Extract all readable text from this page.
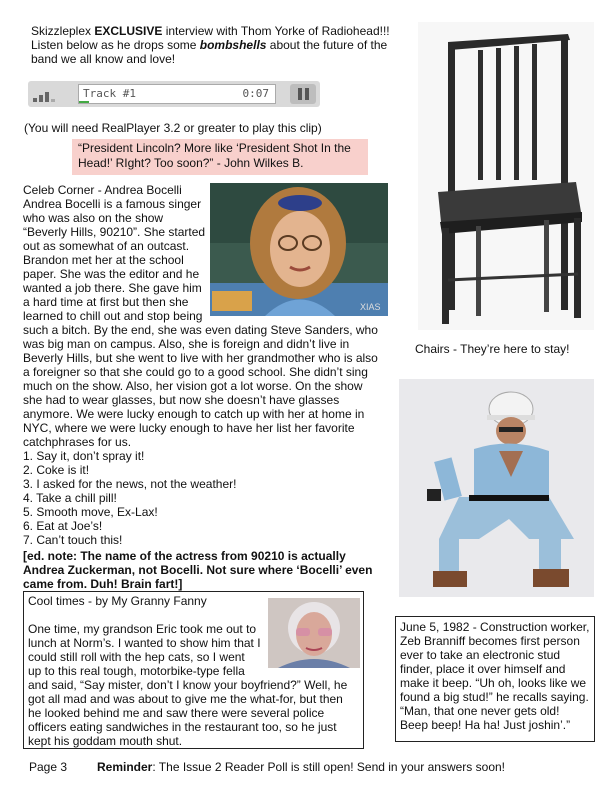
Skizzleplex EXCLUSIVE interview with Thom Yorke of Radiohead!!!
Listen below as he drops some bombshells about the future of the
band we all know and love!
Track #1	0:07
(You will need RealPlayer 3.2 or greater to play this clip)
“President Lincoln? More like ‘President Shot In the Head!’ RIght? Too soon?” - John Wilkes B.
Celeb Corner - Andrea Bocelli
Andrea Bocelli is a famous singer who was also on the show “Beverly Hills, 90210”. She started out as somewhat of an outcast. Brandon met her at the school paper. She was the editor and he wanted a job there. She gave him a hard time at first but then she learned to chill out and stop being such a bitch. By the end, she was even dating Steve Sanders, who was big man on campus. Also, she is foreign and didn’t live in Beverly Hills, but she went to live with her grandmother who is also a foreigner so that she could go to a good school. She didn’t sing much on the show. Also, her vision got a lot worse. On the show she had to wear glasses, but now she doesn’t have glasses anymore. We were lucky enough to catch up with her at home in NYC, where we were lucky enough to have her list her favorite catchphrases for us.
1. Say it, don’t spray it!
2. Coke is it!
3. I asked for the news, not the weather!
4. Take a chill pill!
5. Smooth move, Ex-Lax!
6. Eat at Joe’s!
7. Can’t touch this!
[ed. note: The name of the actress from 90210 is actually Andrea Zuckerman, not Bocelli. Not sure where ‘Bocelli’ even came from. Duh! Brain fart!]
XIAS
Cool times - by My Granny Fanny
One time, my grandson Eric took me out to lunch at Norm’s. I wanted to show him that I could still roll with the hep cats, so I went up to this real tough, motorbike-type fella and said, “Say mister, don’t I know your boyfriend?” Well, he got all mad and was about to give me the what-for, but then he looked behind me and saw there were several police officers eating sandwiches in the restaurant too, so he just kept his goddam mouth shut.
Chairs - They’re here to stay!
June 5, 1982 - Construction worker, Zeb Branniff becomes first person ever to take an electronic stud finder, place it over himself and make it beep. “Uh oh, looks like we found a big stud!” he recalls saying. “Man, that one never gets old! Beep beep! Ha ha! Just joshin’.”
Page 3 Reminder: The Issue 2 Reader Poll is still open! Send in your answers soon!
